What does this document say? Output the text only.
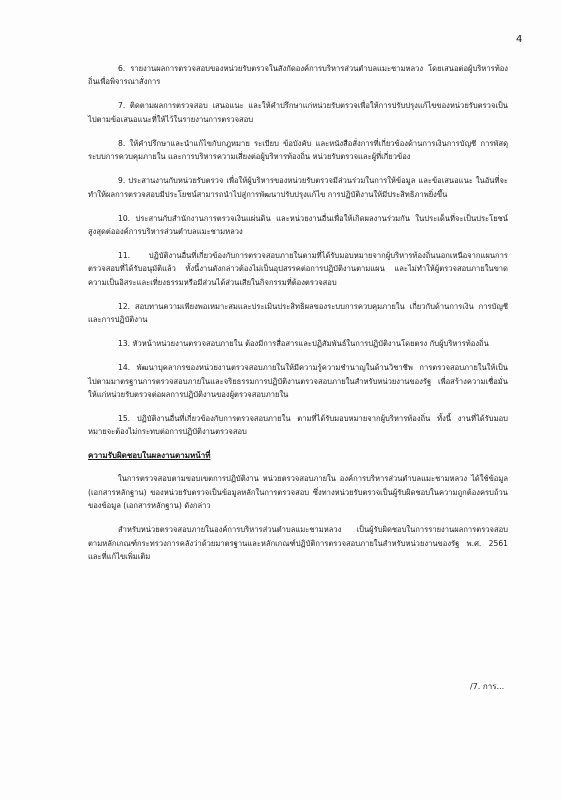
4

6. รายงานผลการตรวจสอบของหน่วยรับตรวจในสังกัดองค์การบริหารส่วนตำบลแมะชามหลวง โดยเสนอต่อผู้บริหารท้องถิ่นเพื่อพิจารณาสั่งการ

7. ติดตามผลการตรวจสอบ เสนอแนะ และให้คำปรึกษาแก่หน่วยรับตรวจเพื่อให้การปรับปรุงแก้ไขของหน่วยรับตรวจเป็นไปตามข้อเสนอแนะที่ให้ไว้ในรายงานการตรวจสอบ

8. ให้คำปรึกษาและนำแก้ไขกับกฎหมาย ระเบียบ ข้อบังคับ และหนังสือสั่งการที่เกี่ยวข้องด้านการเงินการบัญชี การพัสดุ ระบบการควบคุมภายใน และการบริหารความเสี่ยงต่อผู้บริหารท้องถิ่น หน่วยรับตรวจและผู้ที่เกี่ยวข้อง

9. ประสานงานกับหน่วยรับตรวจ เพื่อให้ผู้บริหารของหน่วยรับตรวจมีส่วนร่วมในการให้ข้อมูล และข้อเสนอแนะ ในอันที่จะทำให้ผลการตรวจสอบมีประโยชน์สามารถนำไปสู่การพัฒนาปรับปรุงแก้ไข การปฏิบัติงานให้มีประสิทธิภาพยิ่งขึ้น

10. ประสานกับสำนักงานการตรวจเงินแผ่นดิน และหน่วยงานอื่นเพื่อให้เกิดผลงานร่วมกัน ในประเด็นที่จะเป็นประโยชน์สูงสุดต่อองค์การบริหารส่วนตำบลแมะชามหลวง

11. ปฏิบัติงานอื่นที่เกี่ยวข้องกับการตรวจสอบภายในตามที่ได้รับมอบหมายจากผู้บริหารท้องถิ่นนอกเหนือจากแผนการตรวจสอบที่ได้รับอนุมัติแล้ว ทั้งนี้งานดังกล่าวต้องไม่เป็นอุปสรรคต่อการปฏิบัติงานตามแผน และไม่ทำให้ผู้ตรวจสอบภายในขาดความเป็นอิสระและเที่ยงธรรมหรือมีส่วนได้ส่วนเสียในกิจกรรมที่ต้องตรวจสอบ

12. สอบทานความเพียงพอเหมาะสมและประเมินประสิทธิผลของระบบการควบคุมภายใน เกี่ยวกับด้านการเงิน การบัญชี และการปฏิบัติงาน

13. หัวหน้าหน่วยงานตรวจสอบภายใน ต้องมีการสื่อสารและปฏิสัมพันธ์ในการปฏิบัติงานโดยตรง กับผู้บริหารท้องถิ่น

14. พัฒนาบุคลากรของหน่วยงานตรวจสอบภายในให้มีความรู้ความชำนาญในด้านวิชาชีพ การตรวจสอบภายในให้เป็นไปตามมาตรฐานการตรวจสอบภายในและจริยธรรมการปฏิบัติงานตรวจสอบภายในสำหรับหน่วยงานของรัฐ เพื่อสร้างความเชื่อมั่นให้แก่หน่วยรับตรวจต่อผลการปฏิบัติงานของผู้ตรวจสอบภายใน

15. ปฏิบัติงานอื่นที่เกี่ยวข้องกับการตรวจสอบภายใน ตามที่ได้รับมอบหมายจากผู้บริหารท้องถิ่น ทั้งนี้ งานที่ได้รับมอบหมายจะต้องไม่กระทบต่อการปฏิบัติงานตรวจสอบ

ความรับผิดชอบในผลงานตามหน้าที่

ในการตรวจสอบตามขอบเขตการปฏิบัติงาน หน่วยตรวจสอบภายใน องค์การบริหารส่วนตำบลแมะชามหลวง ได้ใช้ข้อมูล (เอกสารหลักฐาน) ของหน่วยรับตรวจเป็นข้อมูลหลักในการตรวจสอบ ซึ่งทางหน่วยรับตรวจเป็นผู้รับผิดชอบในความถูกต้องครบถ้วนของข้อมูล (เอกสารหลักฐาน) ดังกล่าว

สำหรับหน่วยตรวจสอบภายในองค์การบริหารส่วนตำบลแมะชามหลวง เป็นผู้รับผิดชอบในการรายงานผลการตรวจสอบตามหลักเกณฑ์กระทรวงการคลังว่าด้วยมาตรฐานและหลักเกณฑ์ปฏิบัติการตรวจสอบภายในสำหรับหน่วยงานของรัฐ พ.ศ. 2561 และที่แก้ไขเพิ่มเติม

/7. การ...
